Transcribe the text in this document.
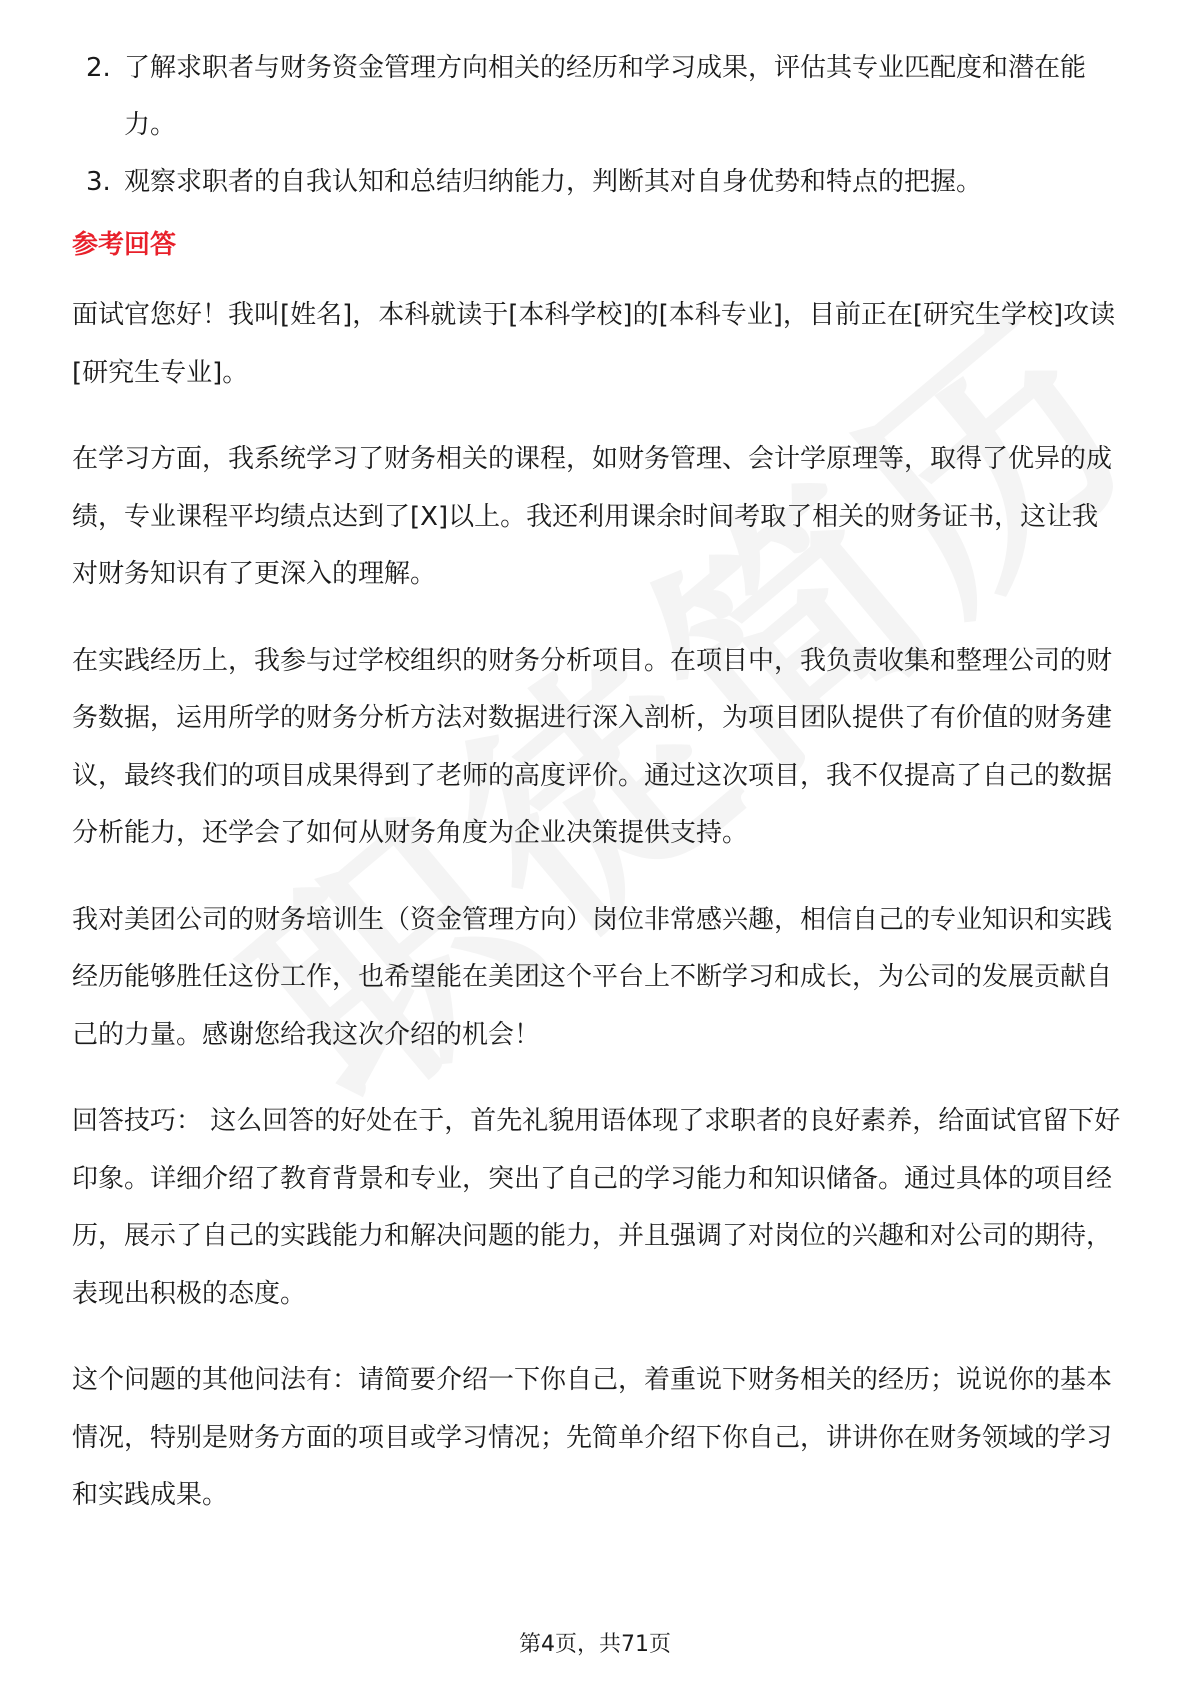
2. 了解求职者与财务资金管理方向相关的经历和学习成果，评估其专业匹配度和潜在能力。
3. 观察求职者的自我认知和总结归纳能力，判断其对自身优势和特点的把握。
参考回答

面试官您好！我叫[姓名]，本科就读于[本科学校]的[本科专业]，目前正在[研究生学校]攻读[研究生专业]。

在学习方面，我系统学习了财务相关的课程，如财务管理、会计学原理等，取得了优异的成绩，专业课程平均绩点达到了[X]以上。我还利用课余时间考取了相关的财务证书，这让我对财务知识有了更深入的理解。

在实践经历上，我参与过学校组织的财务分析项目。在项目中，我负责收集和整理公司的财务数据，运用所学的财务分析方法对数据进行深入剖析，为项目团队提供了有价值的财务建议，最终我们的项目成果得到了老师的高度评价。通过这次项目，我不仅提高了自己的数据分析能力，还学会了如何从财务角度为企业决策提供支持。

我对美团公司的财务培训生（资金管理方向）岗位非常感兴趣，相信自己的专业知识和实践经历能够胜任这份工作，也希望能在美团这个平台上不断学习和成长，为公司的发展贡献自己的力量。感谢您给我这次介绍的机会！

回答技巧： 这么回答的好处在于，首先礼貌用语体现了求职者的良好素养，给面试官留下好印象。详细介绍了教育背景和专业，突出了自己的学习能力和知识储备。通过具体的项目经历，展示了自己的实践能力和解决问题的能力，并且强调了对岗位的兴趣和对公司的期待，表现出积极的态度。

这个问题的其他问法有：请简要介绍一下你自己，着重说下财务相关的经历；说说你的基本情况，特别是财务方面的项目或学习情况；先简单介绍下你自己，讲讲你在财务领域的学习和实践成果。

第4页，共71页
